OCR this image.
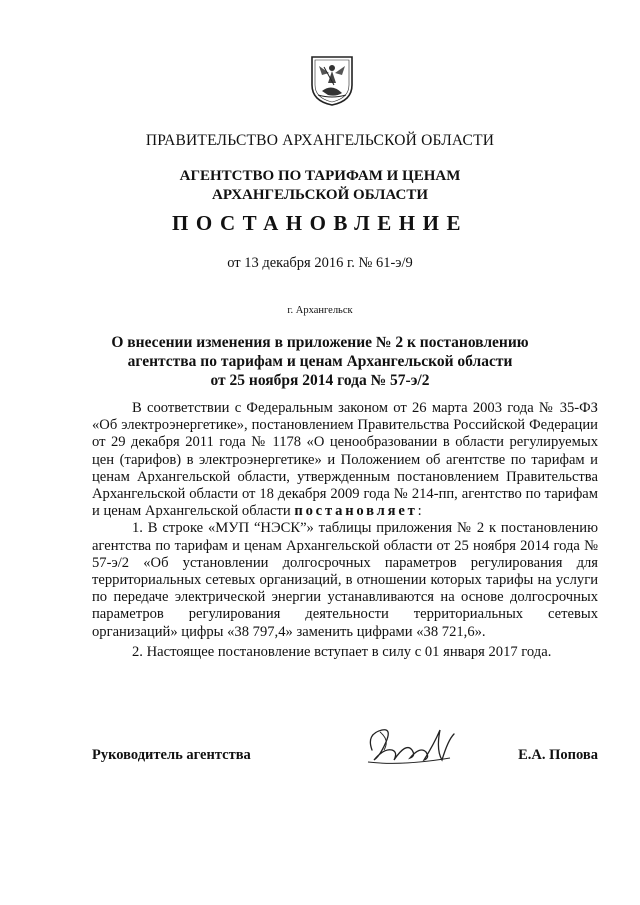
ПРАВИТЕЛЬСТВО АРХАНГЕЛЬСКОЙ ОБЛАСТИ
АГЕНТСТВО ПО ТАРИФАМ И ЦЕНАМ
АРХАНГЕЛЬСКОЙ ОБЛАСТИ
ПОСТАНОВЛЕНИЕ
от 13 декабря 2016 г. № 61-э/9
г. Архангельск
О внесении изменения в приложение № 2 к постановлению
агентства по тарифам и ценам Архангельской области
от 25 ноября 2014 года № 57-э/2

В соответствии с Федеральным законом от 26 марта 2003 года № 35-ФЗ «Об электроэнергетике», постановлением Правительства Российской Федерации от 29 декабря 2011 года № 1178 «О ценообразовании в области регулируемых цен (тарифов) в электроэнергетике» и Положением об агентстве по тарифам и ценам Архангельской области, утвержденным постановлением Правительства Архангельской области от 18 декабря 2009 года № 214-пп, агентство по тарифам и ценам Архангельской области постановляет:

1. В строке «МУП “НЭСК”» таблицы приложения № 2 к постановлению агентства по тарифам и ценам Архангельской области от 25 ноября 2014 года № 57-э/2 «Об установлении долгосрочных параметров регулирования для территориальных сетевых организаций, в отношении которых тарифы на услуги по передаче электрической энергии устанавливаются на основе долгосрочных параметров регулирования деятельности территориальных сетевых организаций» цифры «38 797,4» заменить цифрами «38 721,6».

2. Настоящее постановление вступает в силу с 01 января 2017 года.

Руководитель агентства	Е.А. Попова
